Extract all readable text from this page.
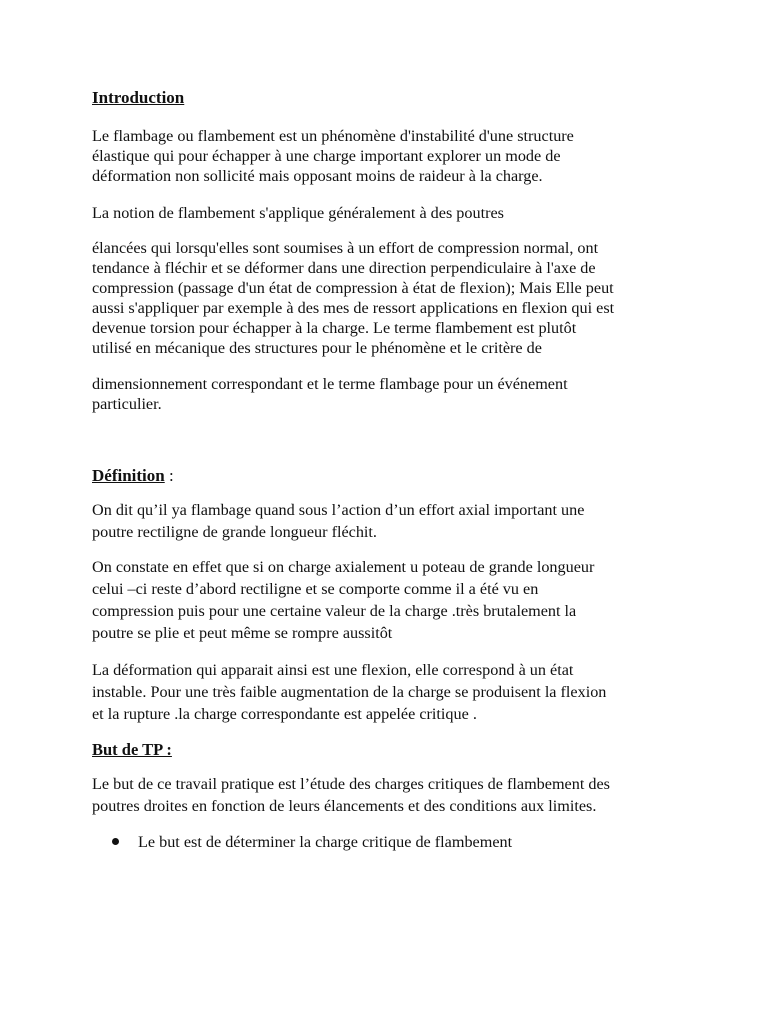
Introduction

Le flambage ou flambement est un phénomène d'instabilité d'une structure
élastique qui pour échapper à une charge important explorer un mode de
déformation non sollicité mais opposant moins de raideur à la charge.

La notion de flambement s'applique généralement à des poutres

élancées qui lorsqu'elles sont soumises à un effort de compression normal, ont
tendance à fléchir et se déformer dans une direction perpendiculaire à l'axe de
compression (passage d'un état de compression à état de flexion); Mais Elle peut
aussi s'appliquer par exemple à des mes de ressort applications en flexion qui est
devenue torsion pour échapper à la charge. Le terme flambement est plutôt
utilisé en mécanique des structures pour le phénomène et le critère de

dimensionnement correspondant et le terme flambage pour un événement
particulier.

Définition :

On dit qu’il ya flambage quand sous l’action d’un effort axial important une
poutre rectiligne de grande longueur fléchit.

On constate en effet que si on charge axialement u poteau de grande longueur
celui –ci reste d’abord rectiligne et se comporte comme il a été vu en
compression puis pour une certaine valeur de la charge .très brutalement la
poutre se plie et peut même se rompre aussitôt

La déformation qui apparait ainsi est une flexion, elle correspond à un état
instable. Pour une très faible augmentation de la charge se produisent la flexion
et la rupture .la charge correspondante est appelée critique .

But de TP :

Le but de ce travail pratique est l’étude des charges critiques de flambement des
poutres droites en fonction de leurs élancements et des conditions aux limites.

Le but est de déterminer la charge critique de flambement
